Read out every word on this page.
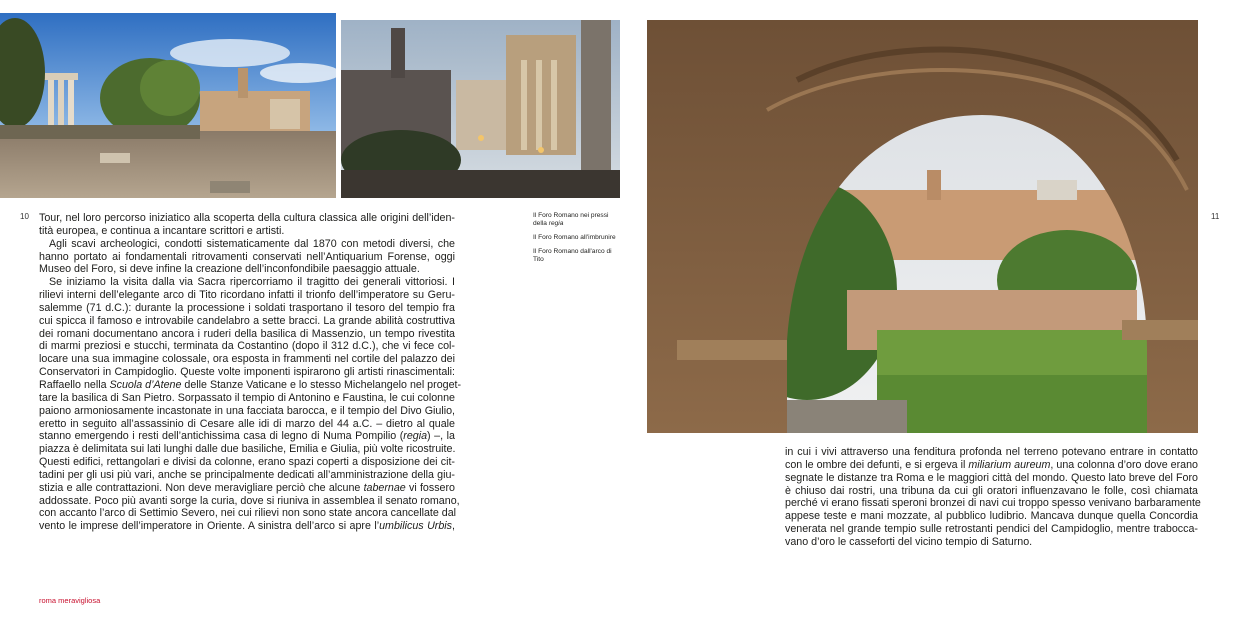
10	11
Tour, nel loro percorso iniziatico alla scoperta della cultura classica alle origini dell’iden-
tità europea, e continua a incantare scrittori e artisti.
Agli scavi archeologici, condotti sistematicamente dal 1870 con metodi diversi, che
hanno portato ai fondamentali ritrovamenti conservati nell’Antiquarium Forense, oggi
Museo del Foro, si deve infine la creazione dell’inconfondibile paesaggio attuale.
Se iniziamo la visita dalla via Sacra ripercorriamo il tragitto dei generali vittoriosi. I
rilievi interni dell’elegante arco di Tito ricordano infatti il trionfo dell’imperatore su Geru-
salemme (71 d.C.): durante la processione i soldati trasportano il tesoro del tempio fra
cui spicca il famoso e introvabile candelabro a sette bracci. La grande abilità costruttiva
dei romani documentano ancora i ruderi della basilica di Massenzio, un tempo rivestita
di marmi preziosi e stucchi, terminata da Costantino (dopo il 312 d.C.), che vi fece col-
locare una sua immagine colossale, ora esposta in frammenti nel cortile del palazzo dei
Conservatori in Campidoglio. Queste volte imponenti ispirarono gli artisti rinascimentali:
Raffaello nella Scuola d’Atene delle Stanze Vaticane e lo stesso Michelangelo nel proget-
tare la basilica di San Pietro. Sorpassato il tempio di Antonino e Faustina, le cui colonne
paiono armoniosamente incastonate in una facciata barocca, e il tempio del Divo Giulio,
eretto in seguito all’assassinio di Cesare alle idi di marzo del 44 a.C. – dietro al quale
stanno emergendo i resti dell’antichissima casa di legno di Numa Pompilio (regia) –, la
piazza è delimitata sui lati lunghi dalle due basiliche, Emilia e Giulia, più volte ricostruite.
Questi edifici, rettangolari e divisi da colonne, erano spazi coperti a disposizione dei cit-
tadini per gli usi più vari, anche se principalmente dedicati all’amministrazione della giu-
stizia e alle contrattazioni. Non deve meravigliare perciò che alcune tabernae vi fossero
addossate. Poco più avanti sorge la curia, dove si riuniva in assemblea il senato romano,
con accanto l’arco di Settimio Severo, nei cui rilievi non sono state ancora cancellate dal
vento le imprese dell’imperatore in Oriente. A sinistra dell’arco si apre l’umbilicus Urbis,
Il Foro Romano nei pressi della regia
Il Foro Romano all'imbrunire
Il Foro Romano dall'arco di Tito
in cui i vivi attraverso una fenditura profonda nel terreno potevano entrare in contatto
con le ombre dei defunti, e si ergeva il miliarium aureum, una colonna d’oro dove erano
segnate le distanze tra Roma e le maggiori città del mondo. Questo lato breve del Foro
è chiuso dai rostri, una tribuna da cui gli oratori influenzavano le folle, così chiamata
perché vi erano fissati speroni bronzei di navi cui troppo spesso venivano barbaramente
appese teste e mani mozzate, al pubblico ludibrio. Mancava dunque quella Concordia
venerata nel grande tempio sulle retrostanti pendici del Campidoglio, mentre trabocca-
vano d’oro le casseforti del vicino tempio di Saturno.
roma meravigliosa
